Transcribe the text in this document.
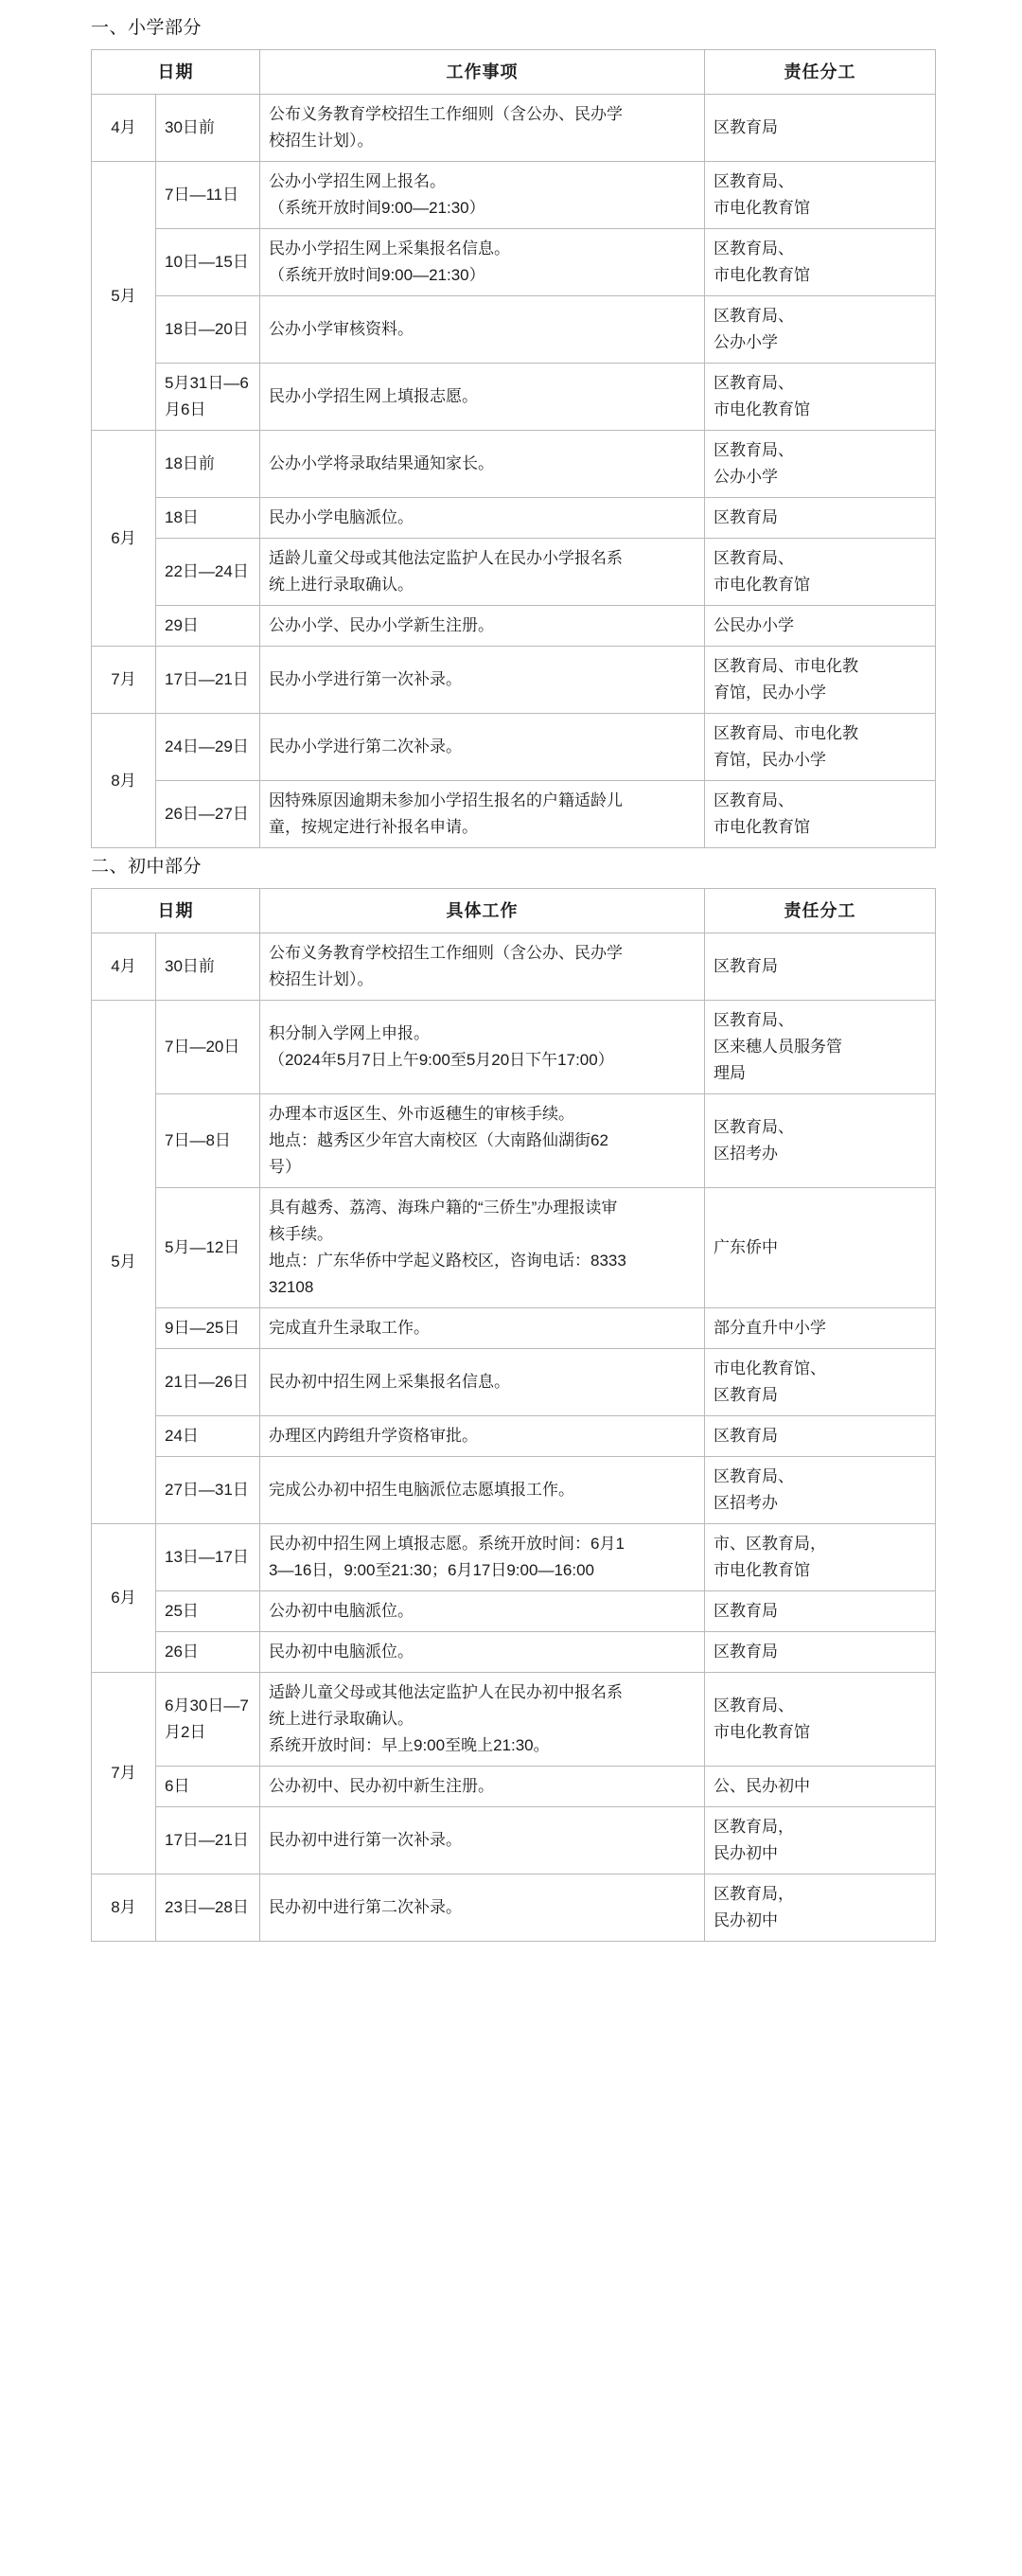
一、小学部分
日期		工作事项	责任分工
4月	30日前	公布义务教育学校招生工作细则（含公办、民办学
校招生计划）。	区教育局

5月	7日—11日	公办小学招生网上报名。
（系统开放时间9:00—21:30）	区教育局、
市电化教育馆

	10日—15日	民办小学招生网上采集报名信息。
（系统开放时间9:00—21:30）	区教育局、
市电化教育馆

	18日—20日	公办小学审核资料。	区教育局、
公办小学

	5月31日—6月6日	民办小学招生网上填报志愿。	区教育局、
市电化教育馆

6月	18日前	公办小学将录取结果通知家长。	区教育局、
公办小学

	18日	民办小学电脑派位。	区教育局

	22日—24日	适龄儿童父母或其他法定监护人在民办小学报名系
统上进行录取确认。	区教育局、
市电化教育馆

	29日	公办小学、民办小学新生注册。	公民办小学

7月	17日—21日	民办小学进行第一次补录。	区教育局、市电化教
育馆，民办小学

8月	24日—29日	民办小学进行第二次补录。	区教育局、市电化教
育馆，民办小学

	26日—27日	因特殊原因逾期未参加小学招生报名的户籍适龄儿
童，按规定进行补报名申请。	区教育局、
市电化教育馆
二、初中部分
日期		具体工作	责任分工
4月	30日前	公布义务教育学校招生工作细则（含公办、民办学
校招生计划）。	区教育局

5月	7日—20日	积分制入学网上申报。
（2024年5月7日上午9:00至5月20日下午17:00）	区教育局、
区来穗人员服务管
理局

	7日—8日	办理本市返区生、外市返穗生的审核手续。
地点：越秀区少年宫大南校区（大南路仙湖街62
号）	区教育局、
区招考办

	5月—12日	具有越秀、荔湾、海珠户籍的“三侨生”办理报读审
核手续。
地点：广东华侨中学起义路校区，咨询电话：8333
32108	广东侨中

	9日—25日	完成直升生录取工作。	部分直升中小学

	21日—26日	民办初中招生网上采集报名信息。	市电化教育馆、
区教育局

	24日	办理区内跨组升学资格审批。	区教育局

	27日—31日	完成公办初中招生电脑派位志愿填报工作。	区教育局、
区招考办

6月	13日—17日	民办初中招生网上填报志愿。系统开放时间：6月1
3—16日，9:00至21:30；6月17日9:00—16:00	市、区教育局，
市电化教育馆

	25日	公办初中电脑派位。	区教育局

	26日	民办初中电脑派位。	区教育局

7月	6月30日—7月2日	适龄儿童父母或其他法定监护人在民办初中报名系
统上进行录取确认。
系统开放时间：早上9:00至晚上21:30。	区教育局、
市电化教育馆

	6日	公办初中、民办初中新生注册。	公、民办初中

	17日—21日	民办初中进行第一次补录。	区教育局，
民办初中

8月	23日—28日	民办初中进行第二次补录。	区教育局，
民办初中
